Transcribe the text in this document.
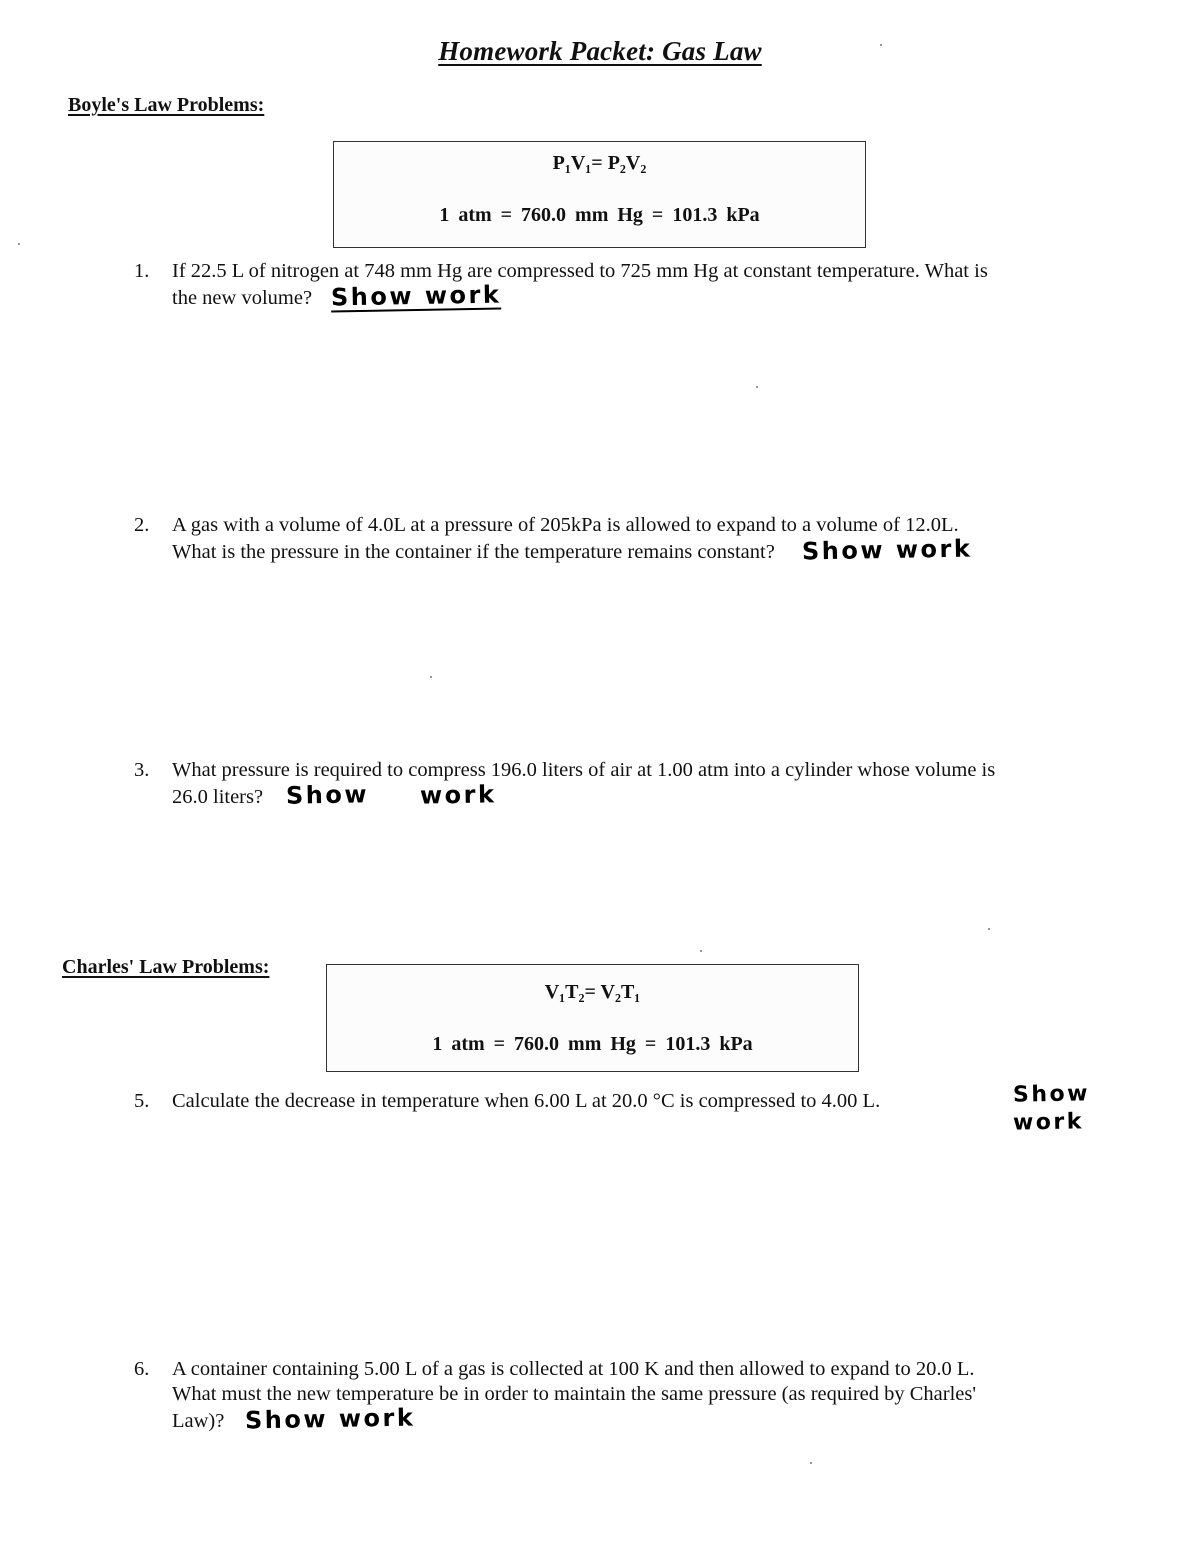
Homework Packet: Gas Law
Boyle's Law Problems:
P₁V₁= P₂V₂
1 atm = 760.0 mm Hg = 101.3 kPa
1. If 22.5 L of nitrogen at 748 mm Hg are compressed to 725 mm Hg at constant temperature. What is
the new volume? Show work
2. A gas with a volume of 4.0L at a pressure of 205kPa is allowed to expand to a volume of 12.0L.
What is the pressure in the container if the temperature remains constant? Show work
3. What pressure is required to compress 196.0 liters of air at 1.00 atm into a cylinder whose volume is
26.0 liters? Show work
Charles' Law Problems:
V₁T₂= V₂T₁
1 atm = 760.0 mm Hg = 101.3 kPa
5. Calculate the decrease in temperature when 6.00 L at 20.0 °C is compressed to 4.00 L.	Show
work
6. A container containing 5.00 L of a gas is collected at 100 K and then allowed to expand to 20.0 L.
What must the new temperature be in order to maintain the same pressure (as required by Charles'
Law)? Show work
